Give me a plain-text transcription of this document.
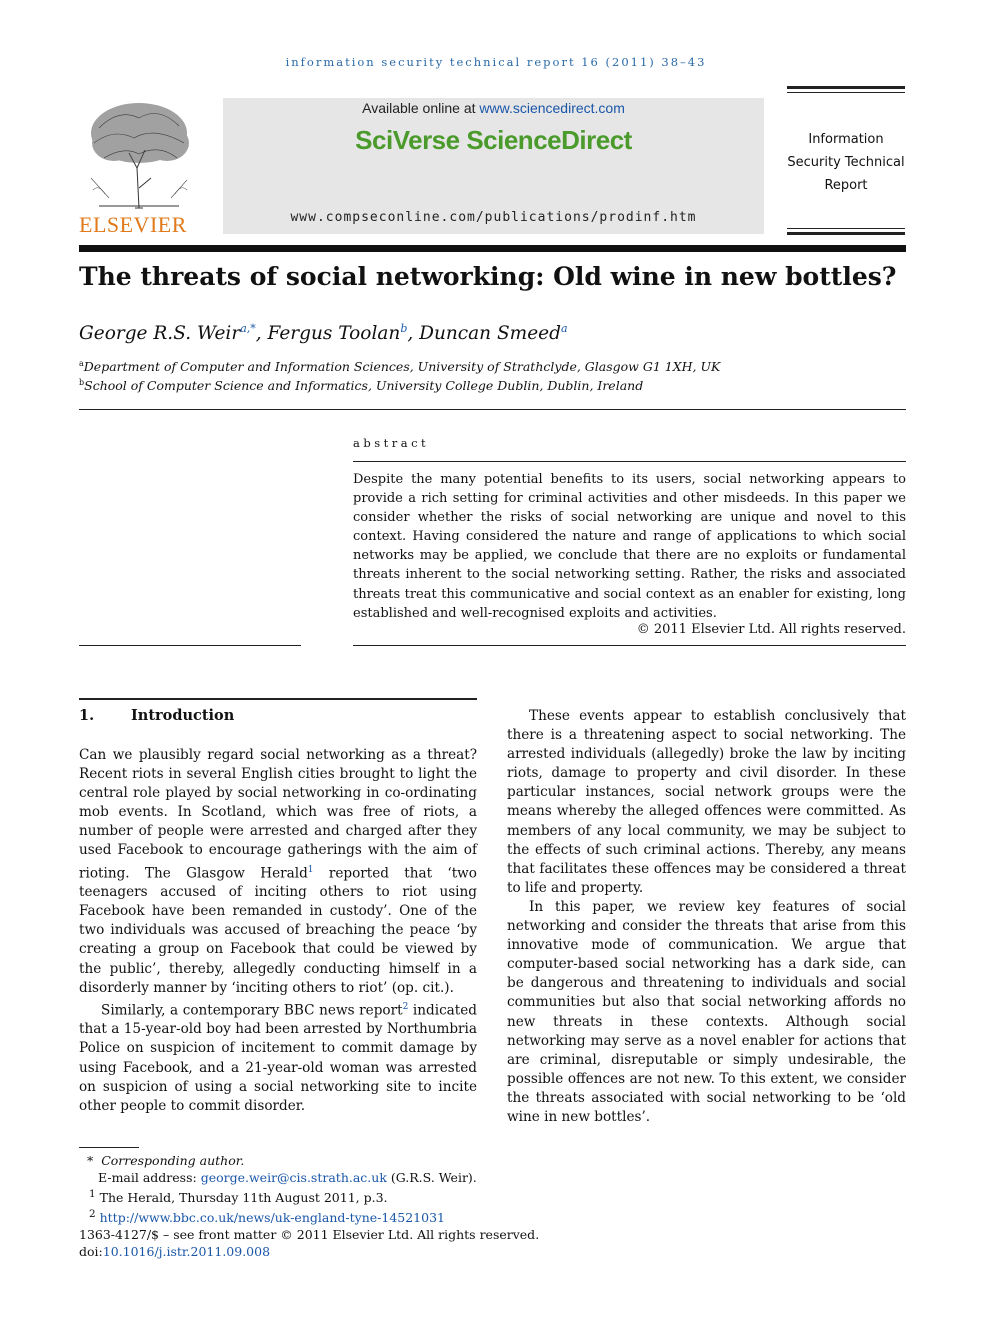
information security technical report 16 (2011) 38–43
ELSEVIER
Available online at www.sciencedirect.com
SciVerse ScienceDirect
www.compseconline.com/publications/prodinf.htm
Information
Security Technical
Report
The threats of social networking: Old wine in new bottles?
George R.S. Weir$^{a,*}$, Fergus Toolan$^b$, Duncan Smeed$^a$
$^a$Department of Computer and Information Sciences, University of Strathclyde, Glasgow G1 1XH, UK
$^b$School of Computer Science and Informatics, University College Dublin, Dublin, Ireland
abstract
Despite the many potential benefits to its users, social networking appears to provide a rich setting for criminal activities and other misdeeds. In this paper we consider whether the risks of social networking are unique and novel to this context. Having considered the nature and range of applications to which social networks may be applied, we conclude that there are no exploits or fundamental threats inherent to the social networking setting. Rather, the risks and associated threats treat this communicative and social context as an enabler for existing, long established and well-recognised exploits and activities.
© 2011 Elsevier Ltd. All rights reserved.
1.	Introduction

Can we plausibly regard social networking as a threat? Recent riots in several English cities brought to light the central role played by social networking in co-ordinating mob events. In Scotland, which was free of riots, a number of people were arrested and charged after they used Facebook to encourage gatherings with the aim of rioting. The Glasgow Herald$^1$ reported that ‘two teenagers accused of inciting others to riot using Facebook have been remanded in custody’. One of the two individuals was accused of breaching the peace ‘by creating a group on Facebook that could be viewed by the public’, thereby, allegedly conducting himself in a disorderly manner by ‘inciting others to riot’ (op. cit.).

Similarly, a contemporary BBC news report$^2$ indicated that a 15-year-old boy had been arrested by Northumbria Police on suspicion of incitement to commit damage by using Facebook, and a 21-year-old woman was arrested on suspicion of using a social networking site to incite other people to commit disorder.

These events appear to establish conclusively that there is a threatening aspect to social networking. The arrested individuals (allegedly) broke the law by inciting riots, damage to property and civil disorder. In these particular instances, social network groups were the means whereby the alleged offences were committed. As members of any local community, we may be subject to the effects of such criminal actions. Thereby, any means that facilitates these offences may be considered a threat to life and property.

In this paper, we review key features of social networking and consider the threats that arise from this innovative mode of communication. We argue that computer-based social networking has a dark side, can be dangerous and threatening to individuals and social communities but also that social networking affords no new threats in these contexts. Although social networking may serve as a novel enabler for actions that are criminal, disreputable or simply undesirable, the possible offences are not new. To this extent, we consider the threats associated with social networking to be ‘old wine in new bottles’.

* Corresponding author.
E-mail address: george.weir@cis.strath.ac.uk (G.R.S. Weir).
$^1$ The Herald, Thursday 11th August 2011, p.3.
$^2$ http://www.bbc.co.uk/news/uk-england-tyne-14521031
1363-4127/$ – see front matter © 2011 Elsevier Ltd. All rights reserved.
doi:10.1016/j.istr.2011.09.008
